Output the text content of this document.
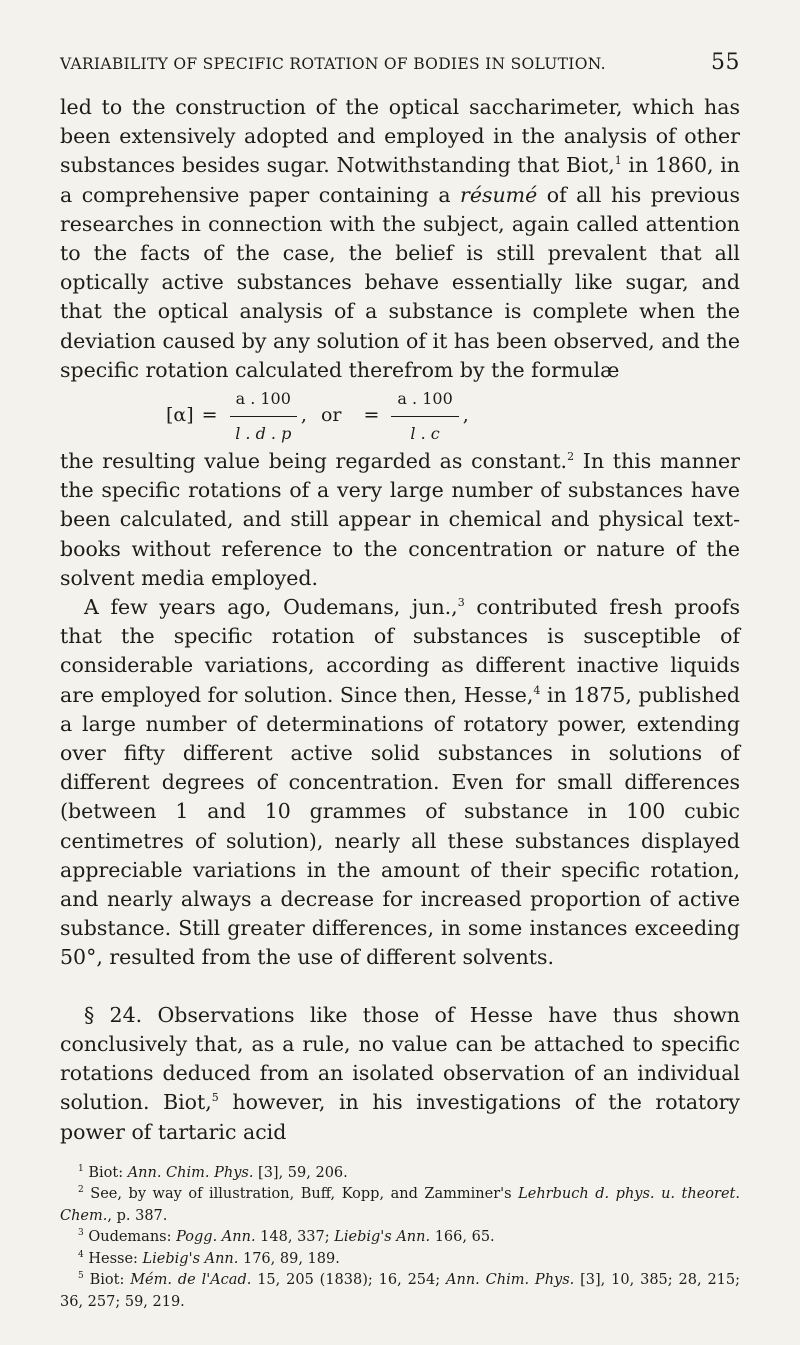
VARIABILITY OF SPECIFIC ROTATION OF BODIES IN SOLUTION.	55

led to the construction of the optical saccharimeter, which has been extensively adopted and employed in the analysis of other substances besides sugar. Notwithstanding that Biot,$^1$ in 1860, in a comprehensive paper containing a résumé of all his previous researches in connection with the subject, again called attention to the facts of the case, the belief is still prevalent that all optically active substances behave essentially like sugar, and that the optical analysis of a substance is complete when the deviation caused by any solution of it has been observed, and the specific rotation calculated therefrom by the formulæ

$[\alpha] = \frac{a . 100}{l . d . p}$ , or = $\frac{a . 100}{l . c}$ ,

the resulting value being regarded as constant.$^2$ In this manner the specific rotations of a very large number of substances have been calculated, and still appear in chemical and physical text-books without reference to the concentration or nature of the solvent media employed.

A few years ago, Oudemans, jun.,$^3$ contributed fresh proofs that the specific rotation of substances is susceptible of considerable variations, according as different inactive liquids are employed for solution. Since then, Hesse,$^4$ in 1875, published a large number of determinations of rotatory power, extending over fifty different active solid substances in solutions of different degrees of concentration. Even for small differences (between 1 and 10 grammes of substance in 100 cubic centimetres of solution), nearly all these substances displayed appreciable variations in the amount of their specific rotation, and nearly always a decrease for increased proportion of active substance. Still greater differences, in some instances exceeding 50°, resulted from the use of different solvents.

§ 24. Observations like those of Hesse have thus shown conclusively that, as a rule, no value can be attached to specific rotations deduced from an isolated observation of an individual solution. Biot,$^5$ however, in his investigations of the rotatory power of tartaric acid

$^1$ Biot: Ann. Chim. Phys. [3], 59, 206.

$^2$ See, by way of illustration, Buff, Kopp, and Zamminer's Lehrbuch d. phys. u. theoret. Chem., p. 387.

$^3$ Oudemans: Pogg. Ann. 148, 337; Liebig's Ann. 166, 65.

$^4$ Hesse: Liebig's Ann. 176, 89, 189.

$^5$ Biot: Mém. de l'Acad. 15, 205 (1838); 16, 254; Ann. Chim. Phys. [3], 10, 385; 28, 215; 36, 257; 59, 219.
